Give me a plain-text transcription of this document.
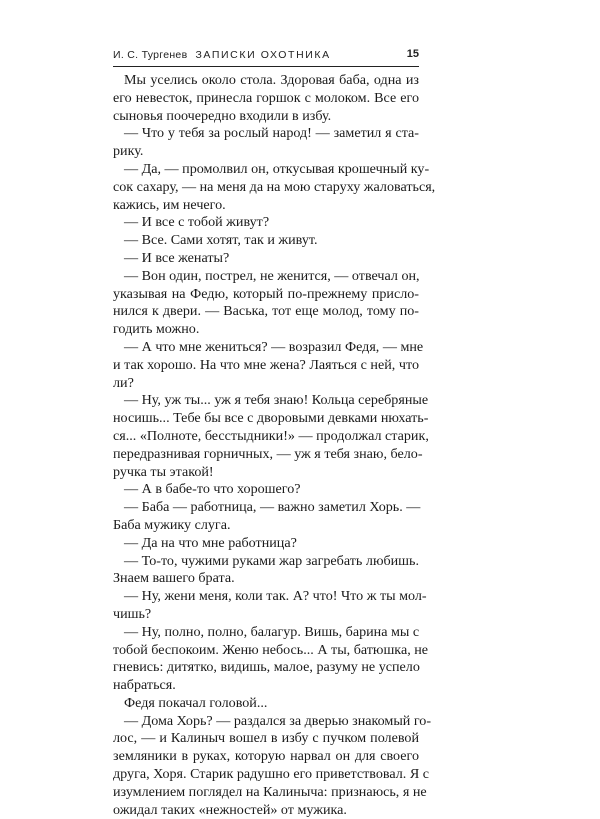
И. С. Тургенев ЗАПИСКИ ОХОТНИКА	15
Мы уселись около стола. Здоровая баба, одна из
его невесток, принесла горшок с молоком. Все его
сыновья поочередно входили в избу.
— Что у тебя за рослый народ! — заметил я ста-
рику.
— Да, — промолвил он, откусывая крошечный ку-
сок сахару, — на меня да на мою старуху жаловаться,
кажись, им нечего.
— И все с тобой живут?
— Все. Сами хотят, так и живут.
— И все женаты?
— Вон один, пострел, не женится, — отвечал он,
указывая на Федю, который по-прежнему присло-
нился к двери. — Васька, тот еще молод, тому по-
годить можно.
— А что мне жениться? — возразил Федя, — мне
и так хорошо. На что мне жена? Лаяться с ней, что
ли?
— Ну, уж ты... уж я тебя знаю! Кольца серебряные
носишь... Тебе бы все с дворовыми девками нюхать-
ся... «Полноте, бесстыдники!» — продолжал старик,
передразнивая горничных, — уж я тебя знаю, белo-
ручка ты этакой!
— А в бабе-то что хорошего?
— Баба — работница, — важно заметил Хорь. —
Баба мужику слуга.
— Да на что мне работница?
— То-то, чужими руками жар загребать любишь.
Знаем вашего брата.
— Ну, жени меня, коли так. А? что! Что ж ты мол-
чишь?
— Ну, полно, полно, балагур. Вишь, барина мы с
тобой беспокоим. Женю небось... А ты, батюшка, не
гневись: дитятко, видишь, малое, разуму не успело
набраться.
Федя покачал головой...
— Дома Хорь? — раздался за дверью знакомый го-
лос, — и Калиныч вошел в избу с пучком полевой
земляники в руках, которую нарвал он для своего
друга, Хоря. Старик радушно его приветствовал. Я с
изумлением поглядел на Калиныча: признаюсь, я не
ожидал таких «нежностей» от мужика.
